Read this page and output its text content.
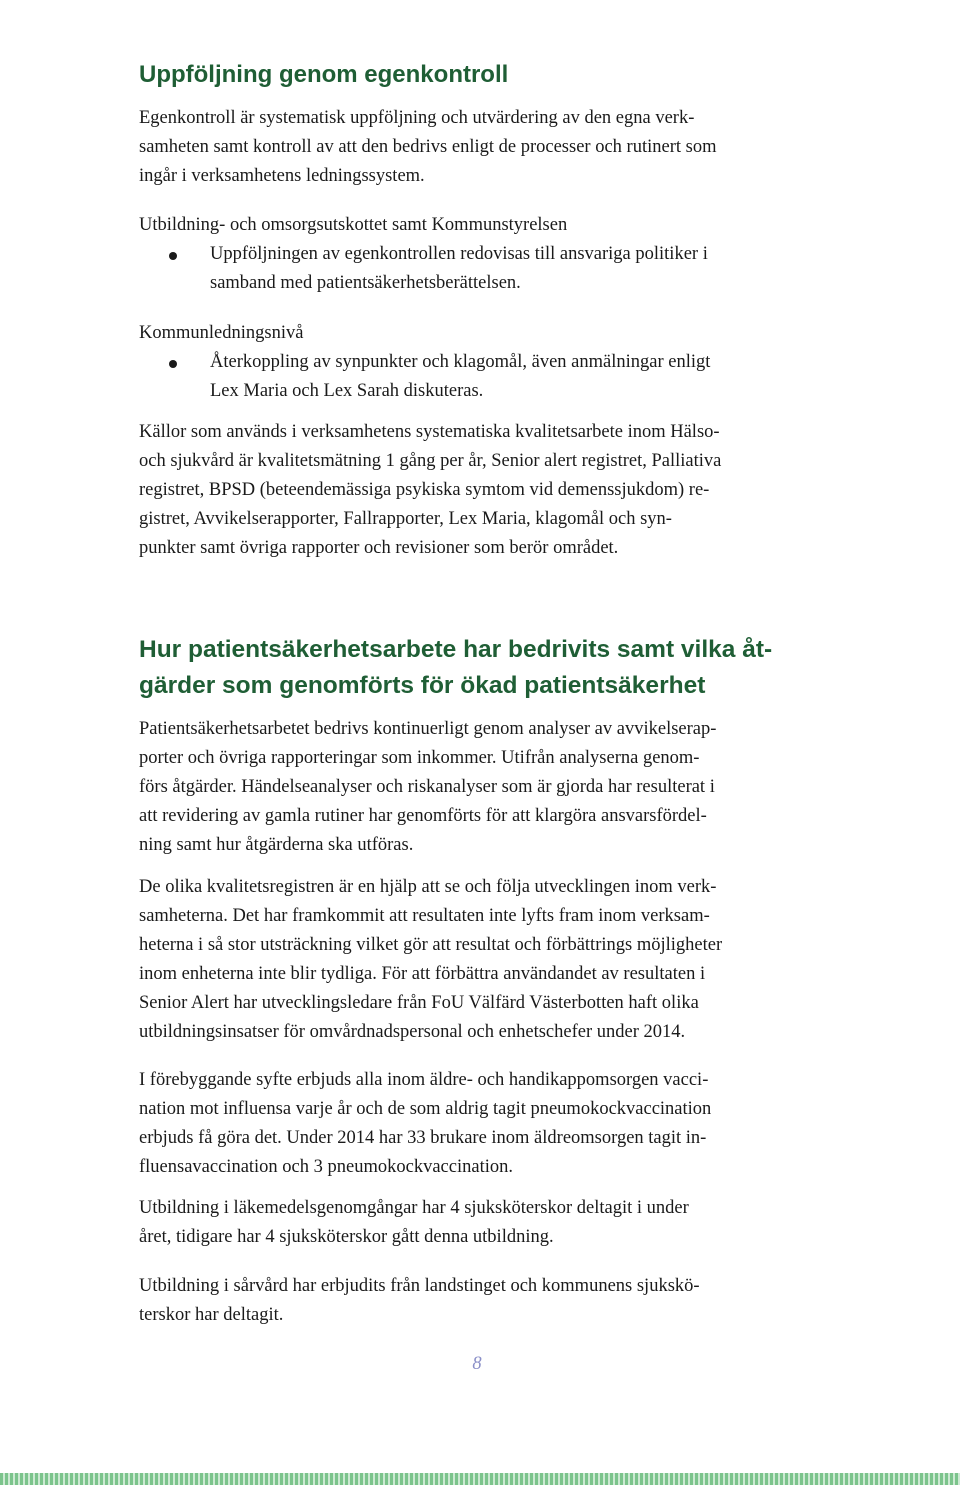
Uppföljning genom egenkontroll
Egenkontroll är systematisk uppföljning och utvärdering av den egna verk-
samheten samt kontroll av att den bedrivs enligt de processer och rutinert som
ingår i verksamhetens ledningssystem.
Utbildning- och omsorgsutskottet samt Kommunstyrelsen
Uppföljningen av egenkontrollen redovisas till ansvariga politiker i
samband med patientsäkerhetsberättelsen.
Kommunledningsnivå
Återkoppling av synpunkter och klagomål, även anmälningar enligt
Lex Maria och Lex Sarah diskuteras.
Källor som används i verksamhetens systematiska kvalitetsarbete inom Hälso-
och sjukvård är kvalitetsmätning 1 gång per år, Senior alert registret, Palliativa
registret, BPSD (beteendemässiga psykiska symtom vid demenssjukdom) re-
gistret, Avvikelserapporter, Fallrapporter, Lex Maria, klagomål och syn-
punkter samt övriga rapporter och revisioner som berör området.
Hur patientsäkerhetsarbete har bedrivits samt vilka åt-
gärder som genomförts för ökad patientsäkerhet
Patientsäkerhetsarbetet bedrivs kontinuerligt genom analyser av avvikelserap-
porter och övriga rapporteringar som inkommer. Utifrån analyserna genom-
förs åtgärder. Händelseanalyser och riskanalyser som är gjorda har resulterat i
att revidering av gamla rutiner har genomförts för att klargöra ansvarsfördel-
ning samt hur åtgärderna ska utföras.
De olika kvalitetsregistren är en hjälp att se och följa utvecklingen inom verk-
samheterna. Det har framkommit att resultaten inte lyfts fram inom verksam-
heterna i så stor utsträckning vilket gör att resultat och förbättrings möjligheter
inom enheterna inte blir tydliga. För att förbättra användandet av resultaten i
Senior Alert har utvecklingsledare från FoU Välfärd Västerbotten haft olika
utbildningsinsatser för omvårdnadspersonal och enhetschefer under 2014.
I förebyggande syfte erbjuds alla inom äldre- och handikappomsorgen vacci-
nation mot influensa varje år och de som aldrig tagit pneumokockvaccination
erbjuds få göra det. Under 2014 har 33 brukare inom äldreomsorgen tagit in-
fluensavaccination och 3 pneumokockvaccination.
Utbildning i läkemedelsgenomgångar har 4 sjuksköterskor deltagit i under
året, tidigare har 4 sjuksköterskor gått denna utbildning.
Utbildning i sårvård har erbjudits från landstinget och kommunens sjukskö-
terskor har deltagit.
8
